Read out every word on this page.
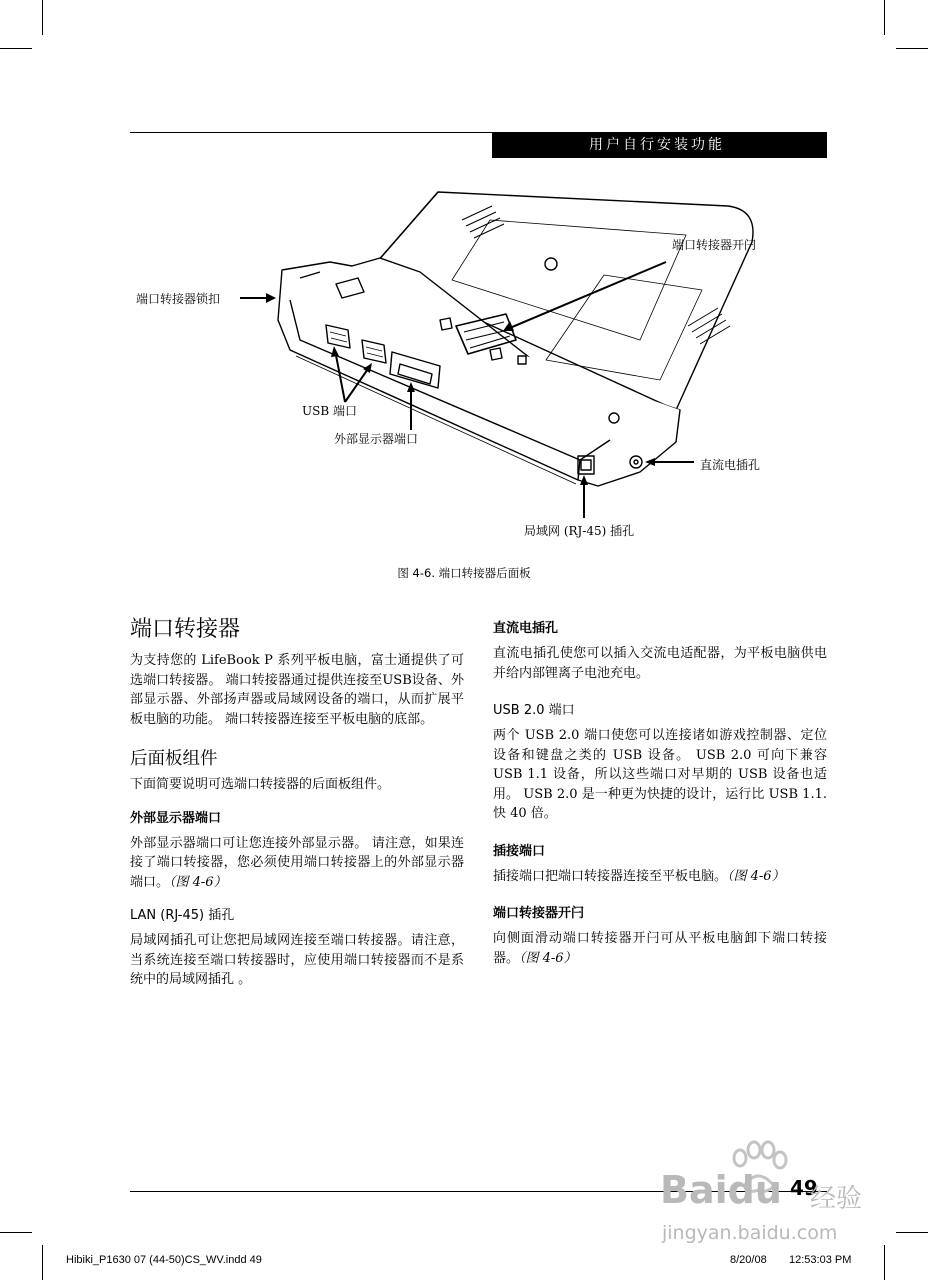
用户自行安装功能
端口转接器锁扣
端口转接器开闩
USB 端口
外部显示器端口
直流电插孔
局域网 (RJ-45) 插孔
图 4-6. 端口转接器后面板
端口转接器

为支持您的 LifeBook P 系列平板电脑，富士通提供了可选端口转接器。 端口转接器通过提供连接至USB设备、外部显示器、外部扬声器或局域网设备的端口，从而扩展平板电脑的功能。 端口转接器连接至平板电脑的底部。

后面板组件

下面简要说明可选端口转接器的后面板组件。

外部显示器端口

外部显示器端口可让您连接外部显示器。 请注意，如果连接了端口转接器，您必须使用端口转接器上的外部显示器端口。（图 4-6）

LAN (RJ-45) 插孔

局域网插孔可让您把局域网连接至端口转接器。请注意，当系统连接至端口转接器时，应使用端口转接器而不是系统中的局域网插孔 。

直流电插孔

直流电插孔使您可以插入交流电适配器，为平板电脑供电并给内部锂离子电池充电。

USB 2.0 端口

两个 USB 2.0 端口使您可以连接诸如游戏控制器、定位设备和键盘之类的 USB 设备。 USB 2.0 可向下兼容 USB 1.1 设备，所以这些端口对早期的 USB 设备也适用。 USB 2.0 是一种更为快捷的设计，运行比 USB 1.1. 快 40 倍。

插接端口

插接端口把端口转接器连接至平板电脑。（图 4-6）

端口转接器开闩

向侧面滑动端口转接器开闩可从平板电脑卸下端口转接器。（图 4-6）

49
Baidu 经验
jingyan.baidu.com
Hibiki_P1630 07 (44-50)CS_WV.indd 49	8/20/08 12:53:03 PM
